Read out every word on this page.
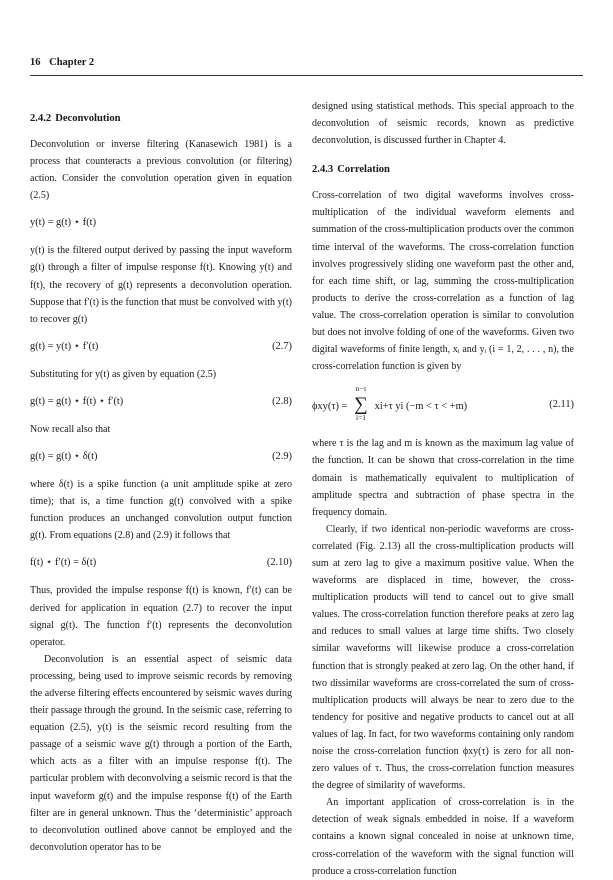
16 Chapter 2
2.4.2 Deconvolution

Deconvolution or inverse filtering (Kanasewich 1981) is a process that counteracts a previous convolution (or filtering) action. Consider the convolution operation given in equation (2.5)

y(t) = g(t) ⋆ f(t)

y(t) is the filtered output derived by passing the input waveform g(t) through a filter of impulse response f(t). Knowing y(t) and f(t), the recovery of g(t) represents a deconvolution operation. Suppose that f′(t) is the function that must be convolved with y(t) to recover g(t)

g(t) = y(t) ⋆ f′(t)	(2.7)

Substituting for y(t) as given by equation (2.5)

g(t) = g(t) ⋆ f(t) ⋆ f′(t)	(2.8)

Now recall also that

g(t) = g(t) ⋆ δ(t)	(2.9)

where δ(t) is a spike function (a unit amplitude spike at zero time); that is, a time function g(t) convolved with a spike function produces an unchanged convolution output function g(t). From equations (2.8) and (2.9) it follows that

f(t) ⋆ f′(t) = δ(t)	(2.10)

Thus, provided the impulse response f(t) is known, f′(t) can be derived for application in equation (2.7) to recover the input signal g(t). The function f′(t) represents the deconvolution operator.

Deconvolution is an essential aspect of seismic data processing, being used to improve seismic records by removing the adverse filtering effects encountered by seismic waves during their passage through the ground. In the seismic case, referring to equation (2.5), y(t) is the seismic record resulting from the passage of a seismic wave g(t) through a portion of the Earth, which acts as a filter with an impulse response f(t). The particular problem with deconvolving a seismic record is that the input waveform g(t) and the impulse response f(t) of the Earth filter are in general unknown. Thus the ‘deterministic’ approach to deconvolution outlined above cannot be employed and the deconvolution operator has to be

designed using statistical methods. This special approach to the deconvolution of seismic records, known as predictive deconvolution, is discussed further in Chapter 4.

2.4.3 Correlation

Cross-correlation of two digital waveforms involves cross-multiplication of the individual waveform elements and summation of the cross-multiplication products over the common time interval of the waveforms. The cross-correlation function involves progressively sliding one waveform past the other and, for each time shift, or lag, summing the cross-multiplication products to derive the cross-correlation as a function of lag value. The cross-correlation operation is similar to convolution but does not involve folding of one of the waveforms. Given two digital waveforms of finite length, xᵢ and yᵢ (i = 1, 2, . . . , n), the cross-correlation function is given by

ϕxy(τ) =
n−τ
∑
i=1
xi+τ yi (−m < τ < +m)	(2.11)

where τ is the lag and m is known as the maximum lag value of the function. It can be shown that cross-correlation in the time domain is mathematically equivalent to multiplication of amplitude spectra and subtraction of phase spectra in the frequency domain.

Clearly, if two identical non-periodic waveforms are cross-correlated (Fig. 2.13) all the cross-multiplication products will sum at zero lag to give a maximum positive value. When the waveforms are displaced in time, however, the cross-multiplication products will tend to cancel out to give small values. The cross-correlation function therefore peaks at zero lag and reduces to small values at large time shifts. Two closely similar waveforms will likewise produce a cross-correlation function that is strongly peaked at zero lag. On the other hand, if two dissimilar waveforms are cross-correlated the sum of cross-multiplication products will always be near to zero due to the tendency for positive and negative products to cancel out at all values of lag. In fact, for two waveforms containing only random noise the cross-correlation function ϕxy(τ) is zero for all non-zero values of τ. Thus, the cross-correlation function measures the degree of similarity of waveforms.

An important application of cross-correlation is in the detection of weak signals embedded in noise. If a waveform contains a known signal concealed in noise at unknown time, cross-correlation of the waveform with the signal function will produce a cross-correlation function
